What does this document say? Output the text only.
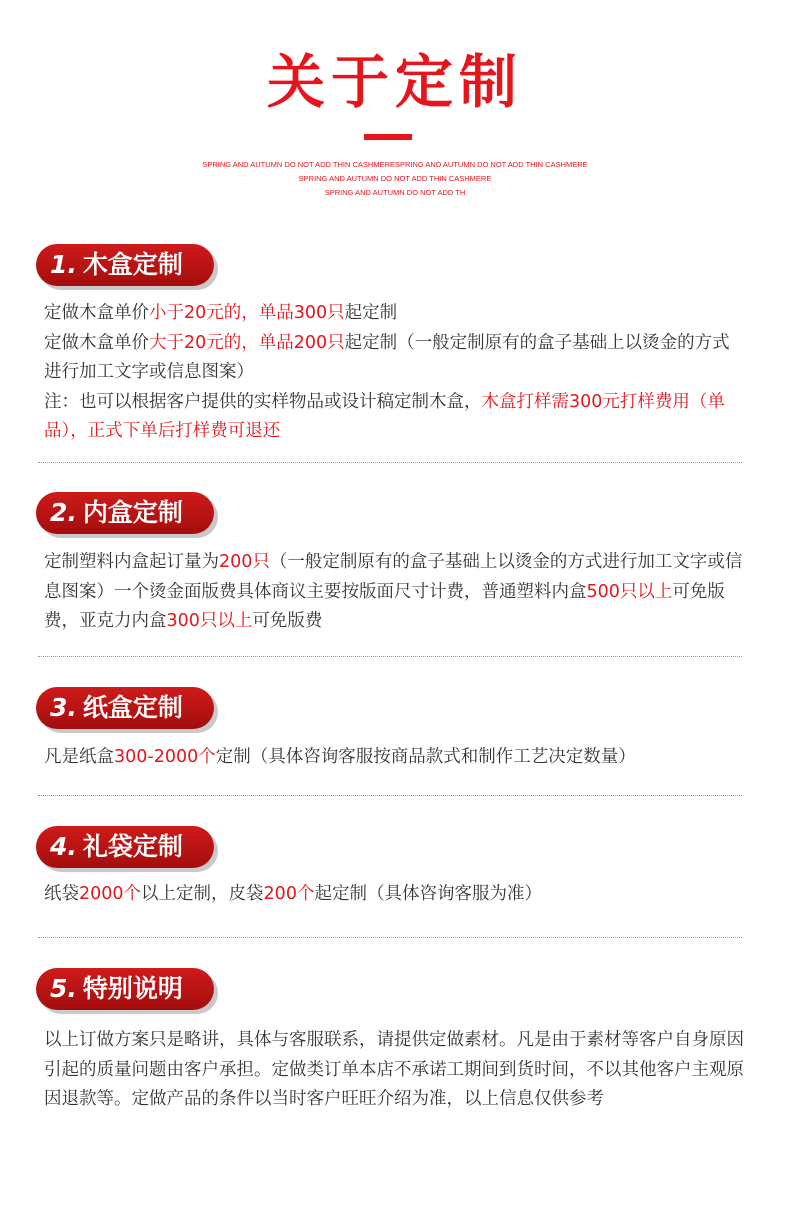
关于定制
SPRING AND AUTUMN DO NOT ADD THIN CASHMERESPRING AND AUTUMN DO NOT ADD THIN CASHMERE
SPRING AND AUTUMN DO NOT ADD THIN CASHMERE
SPRING AND AUTUMN DO NOT ADD TH
1. 木盒定制
定做木盒单价小于20元的，单品300只起定制
定做木盒单价大于20元的，单品200只起定制（一般定制原有的盒子基础上以烫金的方式进行加工文字或信息图案）
注：也可以根据客户提供的实样物品或设计稿定制木盒，木盒打样需300元打样费用（单品），正式下单后打样费可退还
2. 内盒定制
定制塑料内盒起订量为200只（一般定制原有的盒子基础上以烫金的方式进行加工文字或信息图案）一个烫金面版费具体商议主要按版面尺寸计费，普通塑料内盒500只以上可免版费，亚克力内盒300只以上可免版费
3. 纸盒定制
凡是纸盒300-2000个定制（具体咨询客服按商品款式和制作工艺决定数量）
4. 礼袋定制
纸袋2000个以上定制，皮袋200个起定制（具体咨询客服为准）
5. 特别说明
以上订做方案只是略讲，具体与客服联系，请提供定做素材。凡是由于素材等客户自身原因引起的质量问题由客户承担。定做类订单本店不承诺工期间到货时间，不以其他客户主观原因退款等。定做产品的条件以当时客户旺旺介绍为准，以上信息仅供参考
